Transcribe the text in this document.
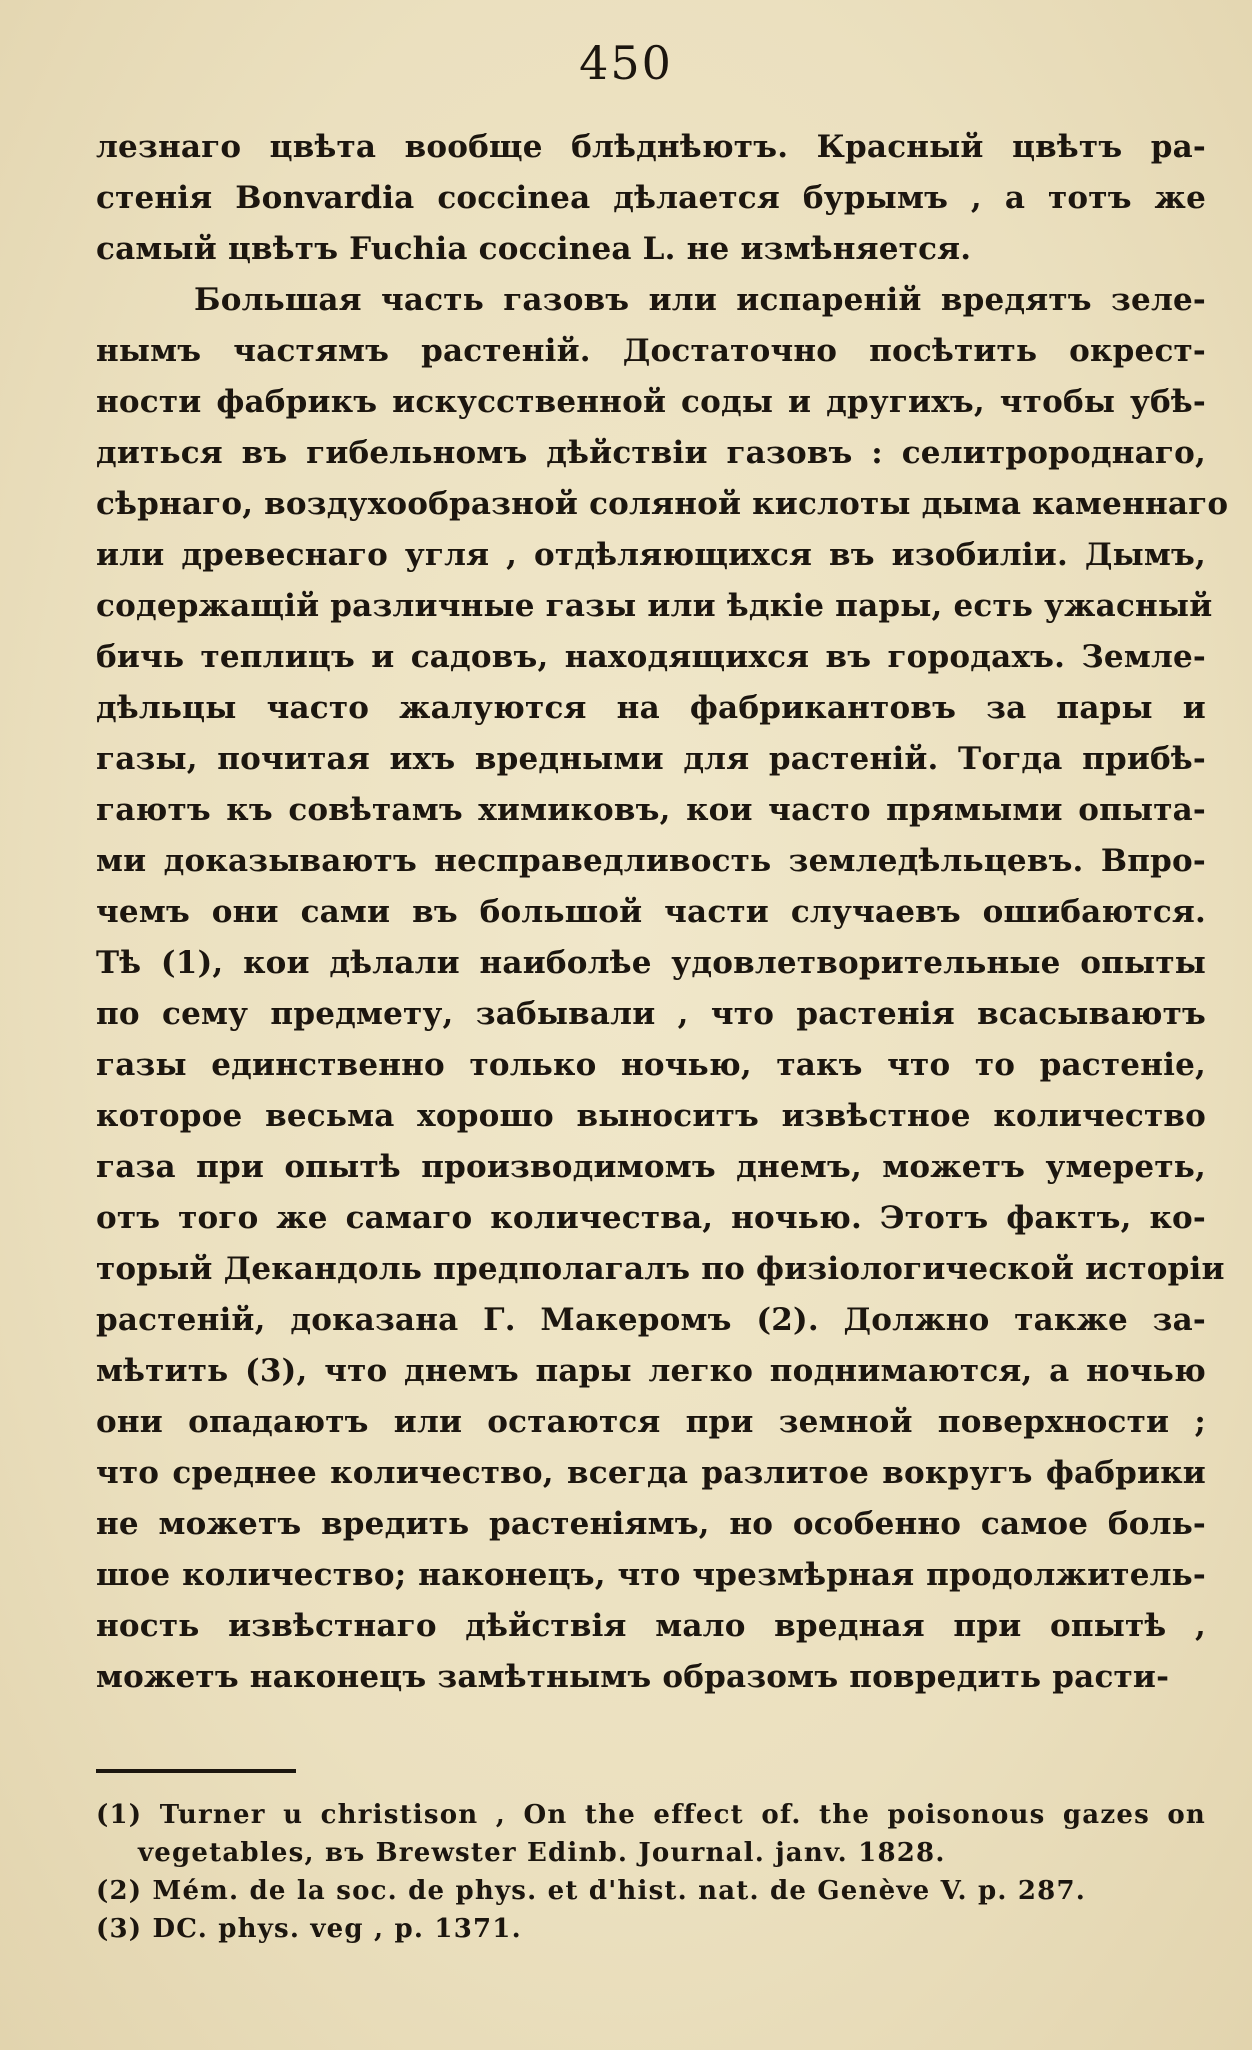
450
лезнаго цвѣта вообще блѣднѣютъ. Красный цвѣтъ ра-
стенія Bonvardia coccinea дѣлается бурымъ , а тотъ же
самый цвѣтъ Fuchia coccinea L. не измѣняется.
Большая часть газовъ или испареній вредятъ зеле-
нымъ частямъ растеній. Достаточно посѣтить окрест-
ности фабрикъ искусственной соды и другихъ, чтобы убѣ-
диться въ гибельномъ дѣйствіи газовъ : селитророднаго,
сѣрнаго, воздухообразной соляной кислоты дыма каменнаго
или древеснаго угля , отдѣляющихся въ изобиліи. Дымъ,
содержащій различные газы или ѣдкіе пары, есть ужасный
бичь теплицъ и садовъ, находящихся въ городахъ. Земле-
дѣльцы часто жалуются на фабрикантовъ за пары и
газы, почитая ихъ вредными для растеній. Тогда прибѣ-
гаютъ къ совѣтамъ химиковъ, кои часто прямыми опыта-
ми доказываютъ несправедливость земледѣльцевъ. Впро-
чемъ они сами въ большой части случаевъ ошибаются.
Тѣ (1), кои дѣлали наиболѣе удовлетворительные опыты
по сему предмету, забывали , что растенія всасываютъ
газы единственно только ночью, такъ что то растеніе,
которое весьма хорошо выноситъ извѣстное количество
газа при опытѣ производимомъ днемъ, можетъ умереть,
отъ того же самаго количества, ночью. Этотъ фактъ, ко-
торый Декандоль предполагалъ по физіологической исторіи
растеній, доказана Г. Макеромъ (2). Должно также за-
мѣтить (3), что днемъ пары легко поднимаются, а ночью
они опадаютъ или остаются при земной поверхности ;
что среднее количество, всегда разлитое вокругъ фабрики
не можетъ вредить растеніямъ, но особенно самое боль-
шое количество; наконецъ, что чрезмѣрная продолжитель-
ность извѣстнаго дѣйствія мало вредная при опытѣ ,
можетъ наконецъ замѣтнымъ образомъ повредить расти-
(1) Turner u christison , On the effect of. the poisonous gazes on
vegetables, въ Brewster Edinb. Journal. janv. 1828.
(2) Mém. de la soc. de phys. et d'hist. nat. de Genève V. p. 287.
(3) DC. phys. veg , p. 1371.
